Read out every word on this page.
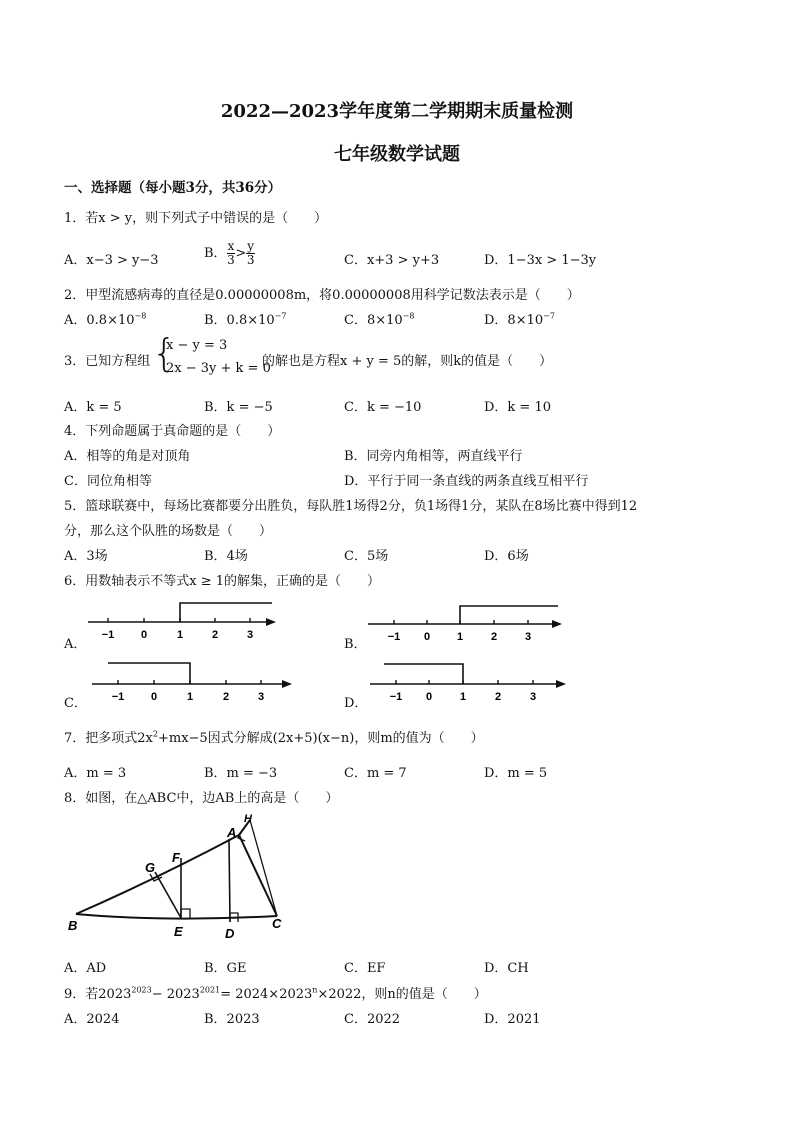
2022—2023学年度第二学期期末质量检测
七年级数学试题
一、选择题（每小题3分，共36分）
1．若x > y，则下列式子中错误的是（　　）
A．x−3 > y−3	B． $\frac{x}{3} > \frac{y}{3}$	C．x+3 > y+3	D．1−3x > 1−3y
2．甲型流感病毒的直径是0.00000008m，将0.00000008用科学记数法表示是（　　）
A．$0.8\times 10^{-8}$	B．$0.8\times 10^{-7}$	C．$8\times 10^{-8}$	D．$8\times 10^{-7}$
3．已知方程组 {
x − y = 3
2x − 3y + k = 0
的解也是方程x + y = 5的解，则k的值是（　　）
A．k = 5	B．k = −5	C．k = −10	D．k = 10
4．下列命题属于真命题的是（　　）
A．相等的角是对顶角	B．同旁内角相等，两直线平行
C．同位角相等	D．平行于同一条直线的两条直线互相平行
5．篮球联赛中，每场比赛都要分出胜负，每队胜1场得2分，负1场得1分，某队在8场比赛中得到12
分，那么这个队胜的场数是（　　）
A．3场	B．4场	C．5场	D．6场
6．用数轴表示不等式x ≥ 1的解集，正确的是（　　）
A．	B．
C．	D．
−1 0	1	2	3	−1 0 1	2	3
−1 0	1	2	3	−1 0	1	2	3
7．把多项式$2x^2+mx-5$因式分解成(2x+5)(x−n)，则m的值为（　　）
A．m = 3	B．m = −3	C．m = 7	D．m = 5
8．如图，在△ABC中，边AB上的高是（　　）
A
H
G
F
B	E	D
C
A．AD	B．GE	C．EF	D．CH
9．若$2023^{2023}- 2023^{2021}= 2024\times 2023^n\times 2022$，则n的值是（　　）
A．2024	B．2023	C．2022	D．2021
